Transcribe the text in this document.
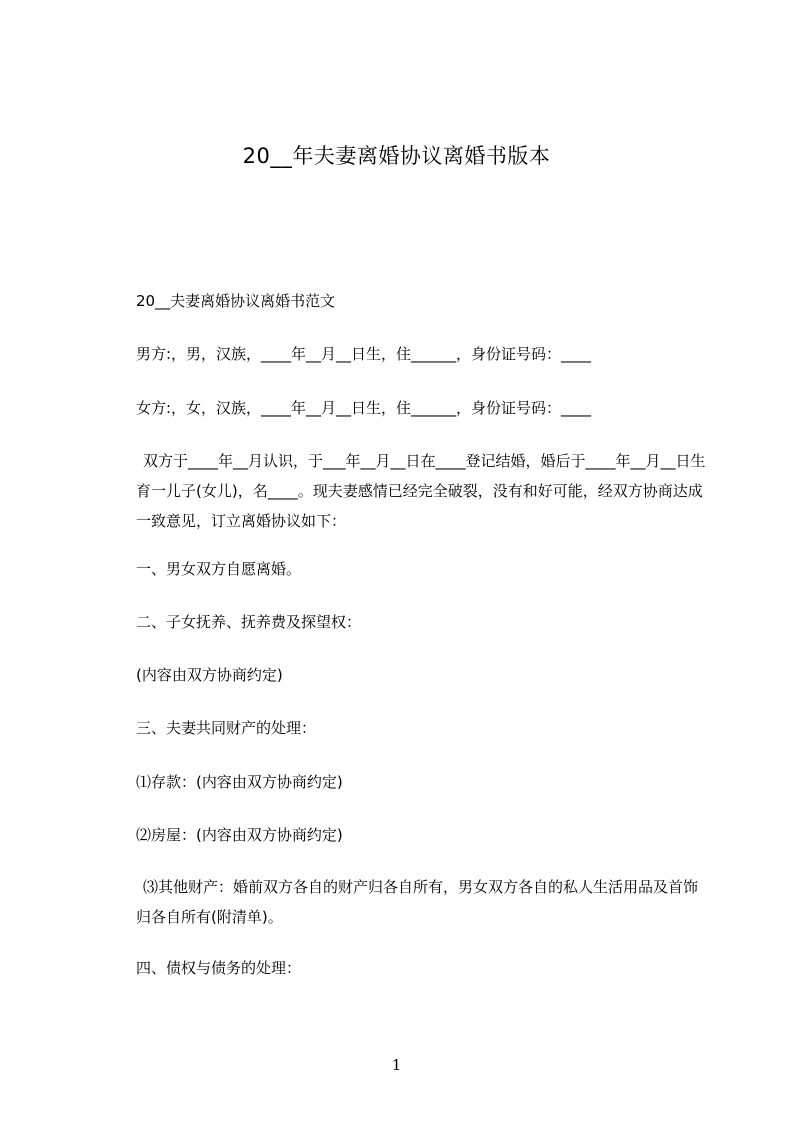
20__年夫妻离婚协议离婚书版本
20__夫妻离婚协议离婚书范文
男方:，男，汉族，____年__月__日生，住______，身份证号码：____
女方:，女，汉族，____年__月__日生，住______，身份证号码：____
双方于____年__月认识，于___年__月__日在____登记结婚，婚后于____年__月__日生育一儿子(女儿)，名____。现夫妻感情已经完全破裂，没有和好可能，经双方协商达成一致意见，订立离婚协议如下：
一、男女双方自愿离婚。
二、子女抚养、抚养费及探望权：
(内容由双方协商约定)
三、夫妻共同财产的处理：
⑴存款：(内容由双方协商约定)
⑵房屋：(内容由双方协商约定)
⑶其他财产：婚前双方各自的财产归各自所有，男女双方各自的私人生活用品及首饰归各自所有(附清单)。
四、债权与债务的处理：
1
